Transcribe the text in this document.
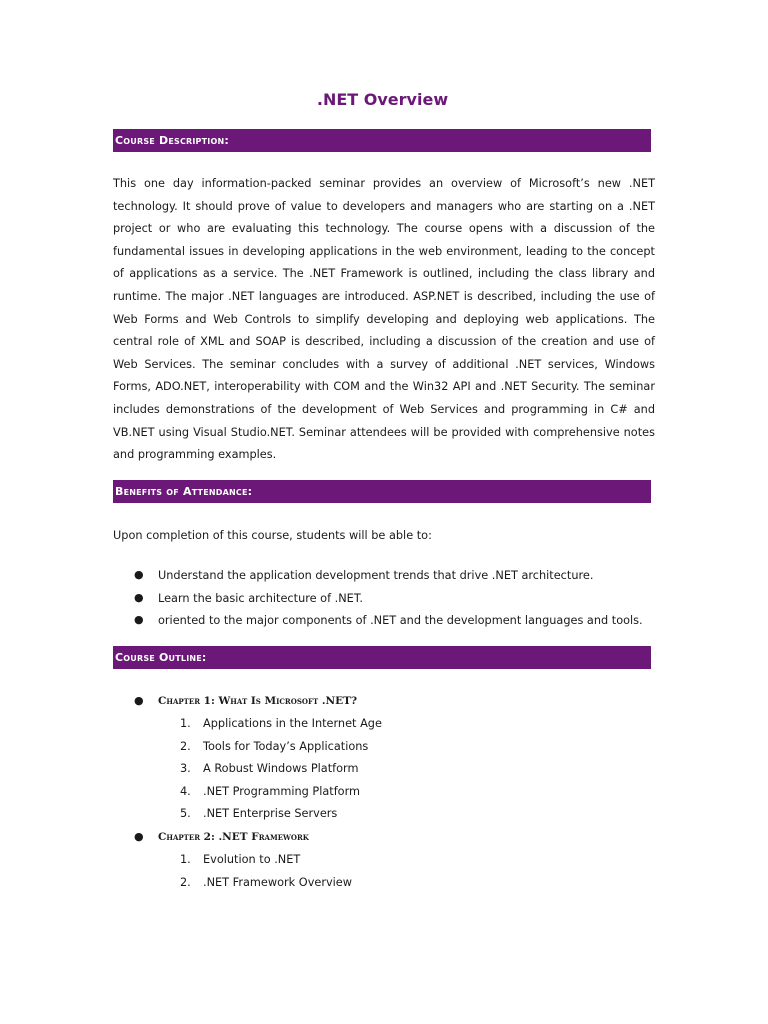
.NET Overview
Course Description:

This one day information-packed seminar provides an overview of Microsoft’s new .NET technology. It should prove of value to developers and managers who are starting on a .NET project or who are evaluating this technology. The course opens with a discussion of the fundamental issues in developing applications in the web environment, leading to the concept of applications as a service. The .NET Framework is outlined, including the class library and runtime. The major .NET languages are introduced. ASP.NET is described, including the use of Web Forms and Web Controls to simplify developing and deploying web applications. The central role of XML and SOAP is described, including a discussion of the creation and use of Web Services. The seminar concludes with a survey of additional .NET services, Windows Forms, ADO.NET, interoperability with COM and the Win32 API and .NET Security. The seminar includes demonstrations of the development of Web Services and programming in C# and VB.NET using Visual Studio.NET. Seminar attendees will be provided with comprehensive notes and programming examples.

Benefits of Attendance:

Upon completion of this course, students will be able to:

● Understand the application development trends that drive .NET architecture.
● Learn the basic architecture of .NET.
● oriented to the major components of .NET and the development languages and tools.
Course Outline:
● Chapter 1: What Is Microsoft .NET?
1. Applications in the Internet Age
2. Tools for Today’s Applications
3. A Robust Windows Platform
4. .NET Programming Platform
5. .NET Enterprise Servers
● Chapter 2: .NET Framework
1. Evolution to .NET
2. .NET Framework Overview
